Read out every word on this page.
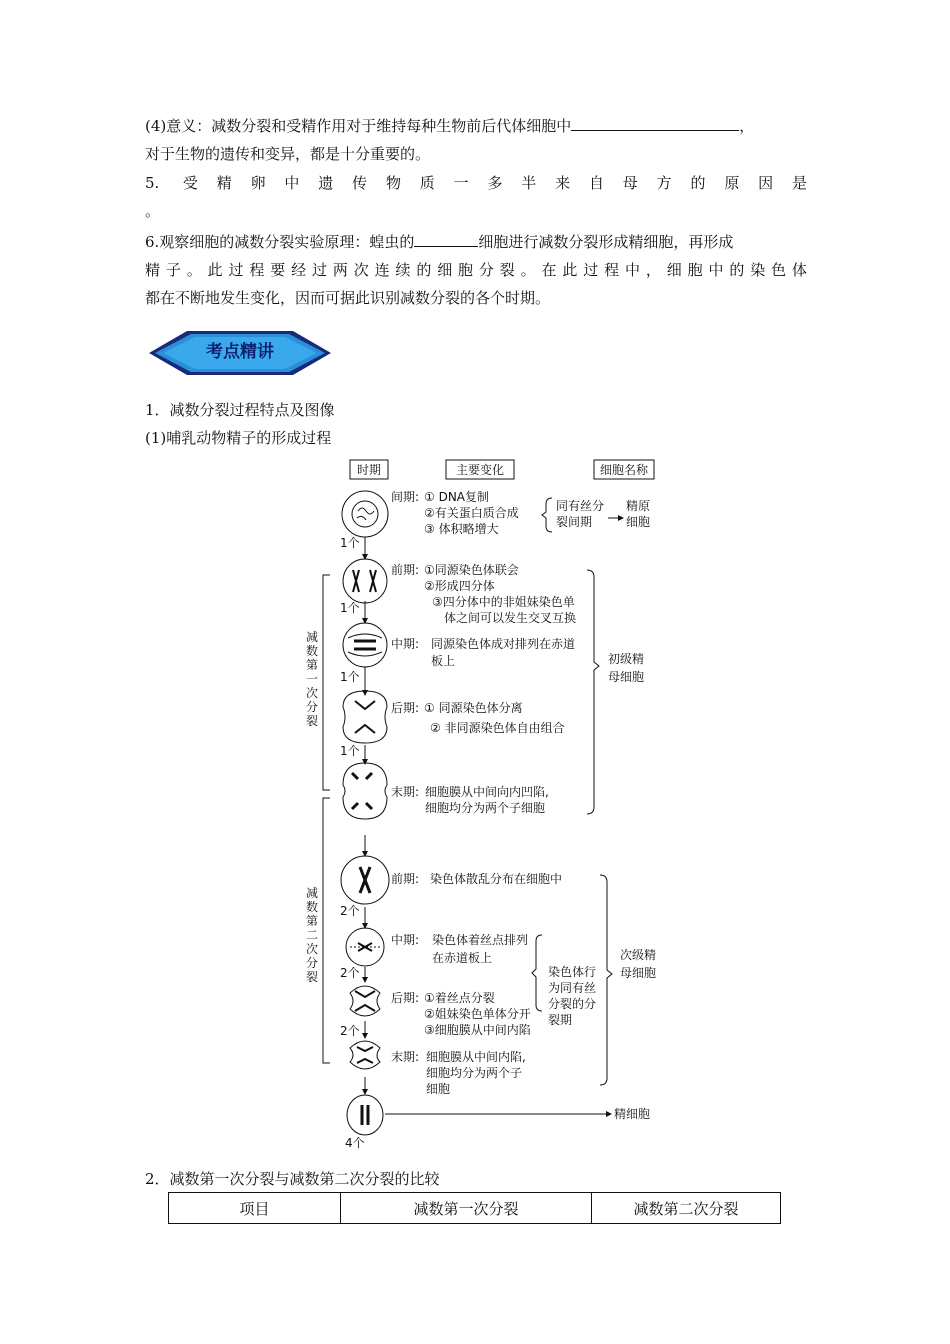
(4)意义：减数分裂和受精作用对于维持每种生物前后代体细胞中	，
对于生物的遗传和变异，都是十分重要的。
5. 受精卵中遗传物质一多半来自母方的原因是
。
6.观察细胞的减数分裂实验原理：蝗虫的	细胞进行减数分裂形成精细胞，再形成
精子。此过程要经过两次连续的细胞分裂。在此过程中，细胞中的染色体
都在不断地发生变化，因而可据此识别减数分裂的各个时期。
考点精讲
1．减数分裂过程特点及图像
(1)哺乳动物精子的形成过程
时期	主要变化	细胞名称
1个
1个
1个
1个
2个
2个
2个
4个
间期: ① DNA复制
②有关蛋白质合成
③ 体积略增大
同有丝分
裂间期
精原
细胞
减
数
第
一
次
分
裂
前期: ①同源染色体联会
②形成四分体
③四分体中的非姐妹染色单
体之间可以发生交叉互换
中期: 同源染色体成对排列在赤道
板上
后期: ① 同源染色体分离
② 非同源染色体自由组合
末期: 细胞膜从中间向内凹陷,
细胞均分为两个子细胞
初级精
母细胞
减
数
第
二
次
分
裂
前期: 染色体散乱分布在细胞中
中期: 染色体着丝点排列
在赤道板上
后期: ①着丝点分裂
②姐妹染色单体分开
③细胞膜从中间内陷
末期: 细胞膜从中间内陷,
细胞均分为两个子
细胞
染色体行
为同有丝
分裂的分
裂期
次级精
母细胞
精细胞
2．减数第一次分裂与减数第二次分裂的比较
项目	减数第一次分裂	减数第二次分裂
